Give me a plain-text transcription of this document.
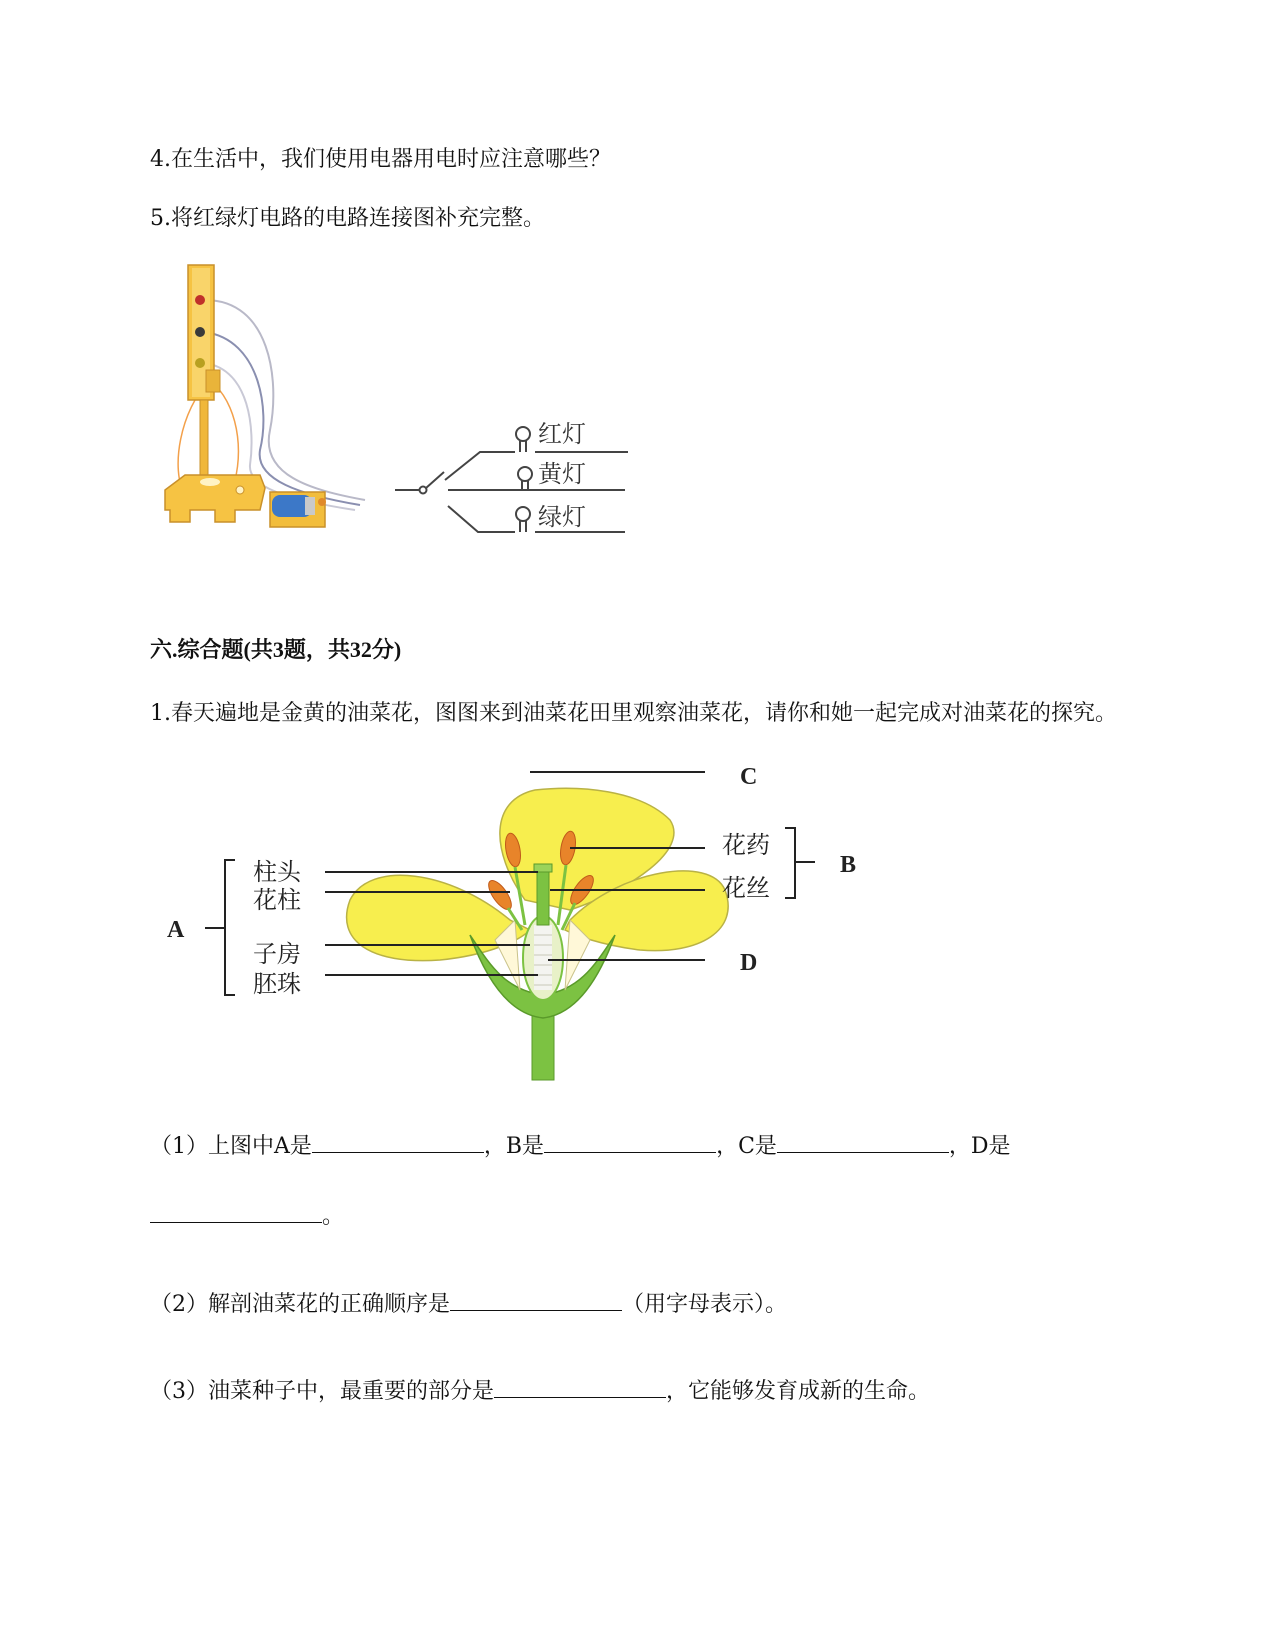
4.在生活中，我们使用电器用电时应注意哪些？

5.将红绿灯电路的电路连接图补充完整。

红灯
黄灯
绿灯

六.综合题(共3题，共32分)

1.春天遍地是金黄的油菜花，图图来到油菜花田里观察油菜花，请你和她一起完成对油菜花的探究。

柱头
花柱
子房
胚珠
花药
花丝
A
B
C
D

（1）上图中A是	，B是	，C是	，D是

。

（2）解剖油菜花的正确顺序是	（用字母表示）。

（3）油菜种子中，最重要的部分是	，它能够发育成新的生命。
